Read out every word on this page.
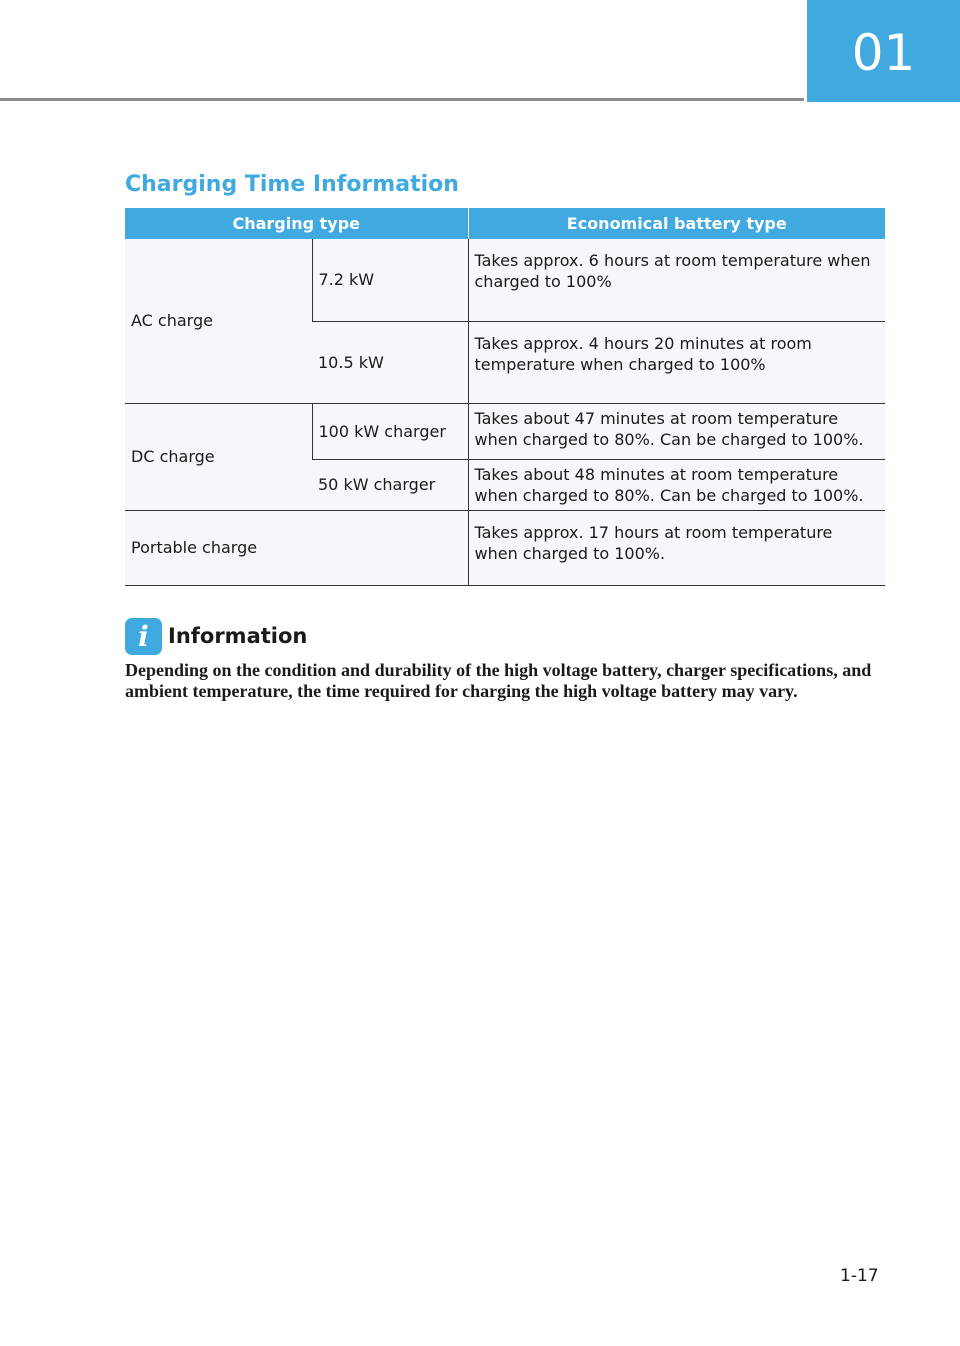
01
Charging Time Information
Charging type		Economical battery type
AC charge	7.2 kW	Takes approx. 6 hours at room temperature when charged to 100%
	10.5 kW	Takes approx. 4 hours 20 minutes at room temperature when charged to 100%
DC charge	100 kW charger	Takes about 47 minutes at room temperature when charged to 80%. Can be charged to 100%.
	50 kW charger	Takes about 48 minutes at room temperature when charged to 80%. Can be charged to 100%.
Portable charge		Takes approx. 17 hours at room temperature when charged to 100%.
i Information

Depending on the condition and durability of the high voltage battery, charger specifications, and ambient temperature, the time required for charging the high voltage battery may vary.

1-17
